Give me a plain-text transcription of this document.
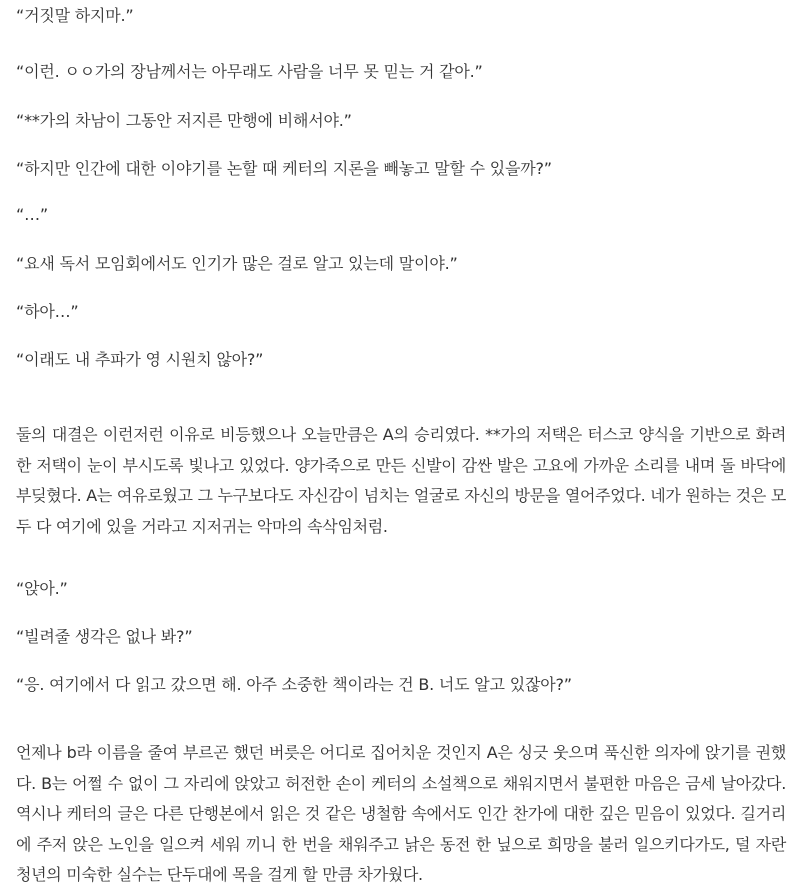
“거짓말 하지마.”
“이런. ㅇㅇ가의 장남께서는 아무래도 사람을 너무 못 믿는 거 같아.”
“**가의 차남이 그동안 저지른 만행에 비해서야.”
“하지만 인간에 대한 이야기를 논할 때 케터의 지론을 빼놓고 말할 수 있을까?”
“…”
“요새 독서 모임회에서도 인기가 많은 걸로 알고 있는데 말이야.”
“하아…”
“이래도 내 추파가 영 시원치 않아?”
둘의 대결은 이런저런 이유로 비등했으나 오늘만큼은 A의 승리였다. **가의 저택은 터스코 양식을 기반으로 화려한 저택이 눈이 부시도록 빛나고 있었다. 양가죽으로 만든 신발이 감싼 발은 고요에 가까운 소리를 내며 돌 바닥에 부딪혔다. A는 여유로웠고 그 누구보다도 자신감이 넘치는 얼굴로 자신의 방문을 열어주었다. 네가 원하는 것은 모두 다 여기에 있을 거라고 지저귀는 악마의 속삭임처럼.
“앉아.”
“빌려줄 생각은 없나 봐?”
“응. 여기에서 다 읽고 갔으면 해. 아주 소중한 책이라는 건 B. 너도 알고 있잖아?”
언제나 b라 이름을 줄여 부르곤 했던 버릇은 어디로 집어치운 것인지 A은 싱긋 웃으며 푹신한 의자에 앉기를 권했다. B는 어쩔 수 없이 그 자리에 앉았고 허전한 손이 케터의 소설책으로 채워지면서 불편한 마음은 금세 날아갔다. 역시나 케터의 글은 다른 단행본에서 읽은 것 같은 냉철함 속에서도 인간 찬가에 대한 깊은 믿음이 있었다. 길거리에 주저 앉은 노인을 일으켜 세워 끼니 한 번을 채워주고 낡은 동전 한 닢으로 희망을 불러 일으키다가도, 덜 자란 청년의 미숙한 실수는 단두대에 목을 걸게 할 만큼 차가웠다.
